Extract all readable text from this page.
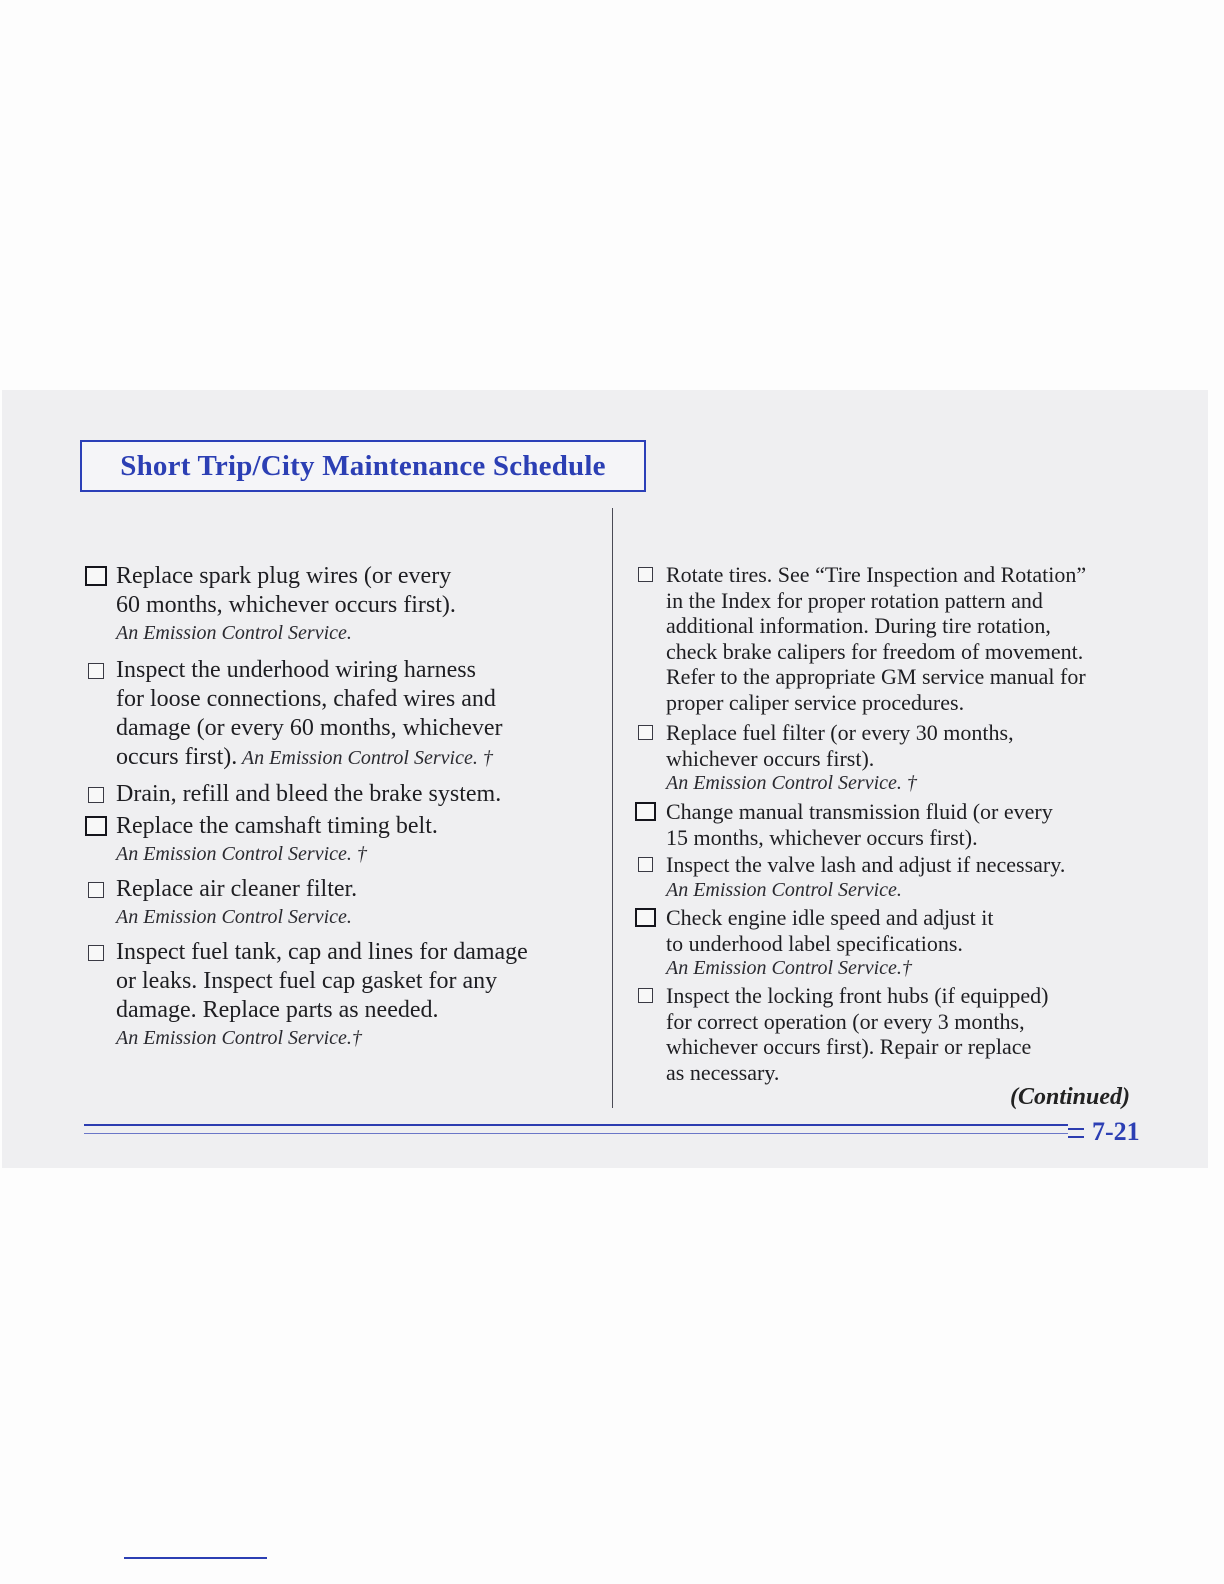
Short Trip/City Maintenance Schedule
Replace spark plug wires (or every
60 months, whichever occurs first).
An Emission Control Service.
Inspect the underhood wiring harness
for loose connections, chafed wires and
damage (or every 60 months, whichever
occurs first). An Emission Control Service. †
Drain, refill and bleed the brake system.
Replace the camshaft timing belt.
An Emission Control Service. †
Replace air cleaner filter.
An Emission Control Service.
Inspect fuel tank, cap and lines for damage
or leaks. Inspect fuel cap gasket for any
damage. Replace parts as needed.
An Emission Control Service.†
Rotate tires. See “Tire Inspection and Rotation”
in the Index for proper rotation pattern and
additional information. During tire rotation,
check brake calipers for freedom of movement.
Refer to the appropriate GM service manual for
proper caliper service procedures.
Replace fuel filter (or every 30 months,
whichever occurs first).
An Emission Control Service. †
Change manual transmission fluid (or every
15 months, whichever occurs first).
Inspect the valve lash and adjust if necessary.
An Emission Control Service.
Check engine idle speed and adjust it
to underhood label specifications.
An Emission Control Service.†
Inspect the locking front hubs (if equipped)
for correct operation (or every 3 months,
whichever occurs first). Repair or replace
as necessary.
(Continued)
7-21
